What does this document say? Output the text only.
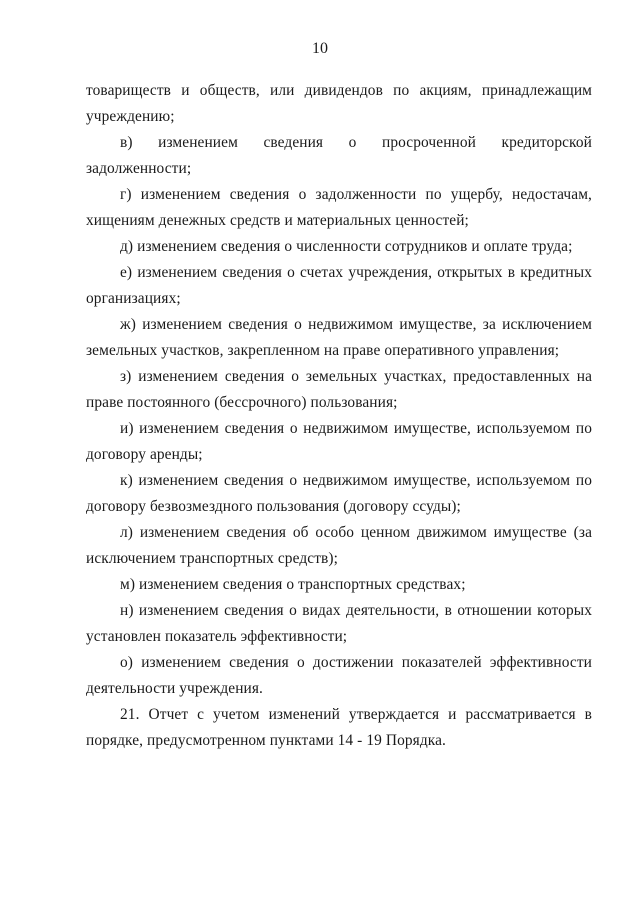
10

товариществ и обществ, или дивидендов по акциям, принадлежащим учреждению;

в) изменением сведения о просроченной кредиторской задолженности;

г) изменением сведения о задолженности по ущербу, недостачам, хищениям денежных средств и материальных ценностей;

д) изменением сведения о численности сотрудников и оплате труда;

е) изменением сведения о счетах учреждения, открытых в кредитных организациях;

ж) изменением сведения о недвижимом имуществе, за исключением земельных участков, закрепленном на праве оперативного управления;

з) изменением сведения о земельных участках, предоставленных на праве постоянного (бессрочного) пользования;

и) изменением сведения о недвижимом имуществе, используемом по договору аренды;

к) изменением сведения о недвижимом имуществе, используемом по договору безвозмездного пользования (договору ссуды);

л) изменением сведения об особо ценном движимом имуществе (за исключением транспортных средств);

м) изменением сведения о транспортных средствах;

н) изменением сведения о видах деятельности, в отношении которых установлен показатель эффективности;

о) изменением сведения о достижении показателей эффективности деятельности учреждения.

21. Отчет с учетом изменений утверждается и рассматривается в порядке, предусмотренном пунктами 14 - 19 Порядка.
